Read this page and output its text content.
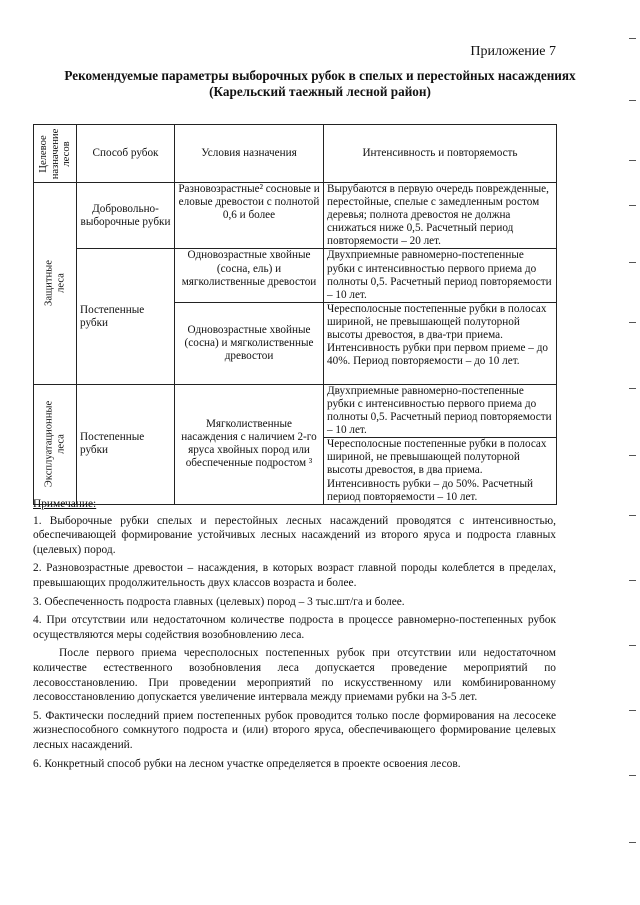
Приложение 7
Рекомендуемые параметры выборочных рубок в спелых и перестойных насаждениях
(Карельский таежный лесной район)
Целевое назначение лесов	Способ рубок	Условия назначения	Интенсивность и повторяемость

Защитные леса	Добровольно-выборочные рубки	Разновозрастные² сосновые и еловые древостои с полнотой 0,6 и более	Вырубаются в первую очередь поврежденные, перестойные, спелые с замедленным ростом деревья; полнота древостоя не должна снижаться ниже 0,5. Расчетный период повторяемости – 20 лет.
	Постепенные рубки	Одновозрастные хвойные (сосна, ель) и мягколиственные древостои	Двухприемные равномерно-постепенные рубки с интенсивностью первого приема до полноты 0,5. Расчетный период повторяемости – 10 лет.
		Одновозрастные хвойные (сосна) и мягколиственные древостои	Чересполосные постепенные рубки в полосах шириной, не превышающей полуторной высоты древостоя, в два-три приема. Интенсивность рубки при первом приеме – до 40%. Период повторяемости – до 10 лет.

Эксплуатационные леса	Постепенные рубки	Мягколиственные насаждения с наличием 2-го яруса хвойных пород или обеспеченные подростом ³	Двухприемные равномерно-постепенные рубки с интенсивностью первого приема до полноты 0,5. Расчетный период повторяемости – 10 лет.
			Чересполосные постепенные рубки в полосах шириной, не превышающей полуторной высоты древостоя, в два приема. Интенсивность рубки – до 50%. Расчетный период повторяемости – 10 лет.
Примечание:

1. Выборочные рубки спелых и перестойных лесных насаждений проводятся с интенсивностью, обеспечивающей формирование устойчивых лесных насаждений из второго яруса и подроста главных (целевых) пород.

2. Разновозрастные древостои – насаждения, в которых возраст главной породы колеблется в пределах, превышающих продолжительность двух классов возраста и более.

3. Обеспеченность подроста главных (целевых) пород – 3 тыс.шт/га и более.

4. При отсутствии или недостаточном количестве подроста в процессе равномерно-постепенных рубок осуществляются меры содействия возобновлению леса.

После первого приема чересполосных постепенных рубок при отсутствии или недостаточном количестве естественного возобновления леса допускается проведение мероприятий по лесовосстановлению. При проведении мероприятий по искусственному или комбинированному лесовосстановлению допускается увеличение интервала между приемами рубки на 3-5 лет.

5. Фактически последний прием постепенных рубок проводится только после формирования на лесосеке жизнеспособного сомкнутого подроста и (или) второго яруса, обеспечивающего формирование целевых лесных насаждений.

6. Конкретный способ рубки на лесном участке определяется в проекте освоения лесов.
